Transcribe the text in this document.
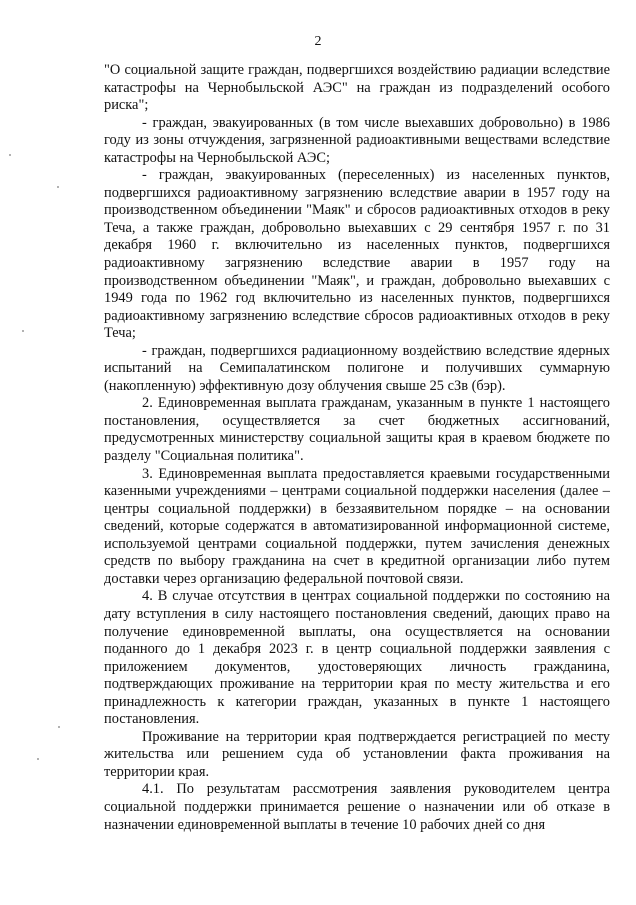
2

"О социальной защите граждан, подвергшихся воздействию радиации вследствие катастрофы на Чернобыльской АЭС" на граждан из подразделений особого риска";

- граждан, эвакуированных (в том числе выехавших добровольно) в 1986 году из зоны отчуждения, загрязненной радиоактивными веществами вследствие катастрофы на Чернобыльской АЭС;

- граждан, эвакуированных (переселенных) из населенных пунктов, подвергшихся радиоактивному загрязнению вследствие аварии в 1957 году на производственном объединении "Маяк" и сбросов радиоактивных отходов в реку Теча, а также граждан, добровольно выехавших с 29 сентября 1957 г. по 31 декабря 1960 г. включительно из населенных пунктов, подвергшихся радиоактивному загрязнению вследствие аварии в 1957 году на производственном объединении "Маяк", и граждан, добровольно выехавших с 1949 года по 1962 год включительно из населенных пунктов, подвергшихся радиоактивному загрязнению вследствие сбросов радиоактивных отходов в реку Теча;

- граждан, подвергшихся радиационному воздействию вследствие ядерных испытаний на Семипалатинском полигоне и получивших суммарную (накопленную) эффективную дозу облучения свыше 25 сЗв (бэр).

2. Единовременная выплата гражданам, указанным в пункте 1 настоящего постановления, осуществляется за счет бюджетных ассигнований, предусмотренных министерству социальной защиты края в краевом бюджете по разделу "Социальная политика".

3. Единовременная выплата предоставляется краевыми государственными казенными учреждениями – центрами социальной поддержки населения (далее – центры социальной поддержки) в беззаявительном порядке – на основании сведений, которые содержатся в автоматизированной информационной системе, используемой центрами социальной поддержки, путем зачисления денежных средств по выбору гражданина на счет в кредитной организации либо путем доставки через организацию федеральной почтовой связи.

4. В случае отсутствия в центрах социальной поддержки по состоянию на дату вступления в силу настоящего постановления сведений, дающих право на получение единовременной выплаты, она осуществляется на основании поданного до 1 декабря 2023 г. в центр социальной поддержки заявления с приложением документов, удостоверяющих личность гражданина, подтверждающих проживание на территории края по месту жительства и его принадлежность к категории граждан, указанных в пункте 1 настоящего постановления.

Проживание на территории края подтверждается регистрацией по месту жительства или решением суда об установлении факта проживания на территории края.

4.1. По результатам рассмотрения заявления руководителем центра социальной поддержки принимается решение о назначении или об отказе в назначении единовременной выплаты в течение 10 рабочих дней со дня
